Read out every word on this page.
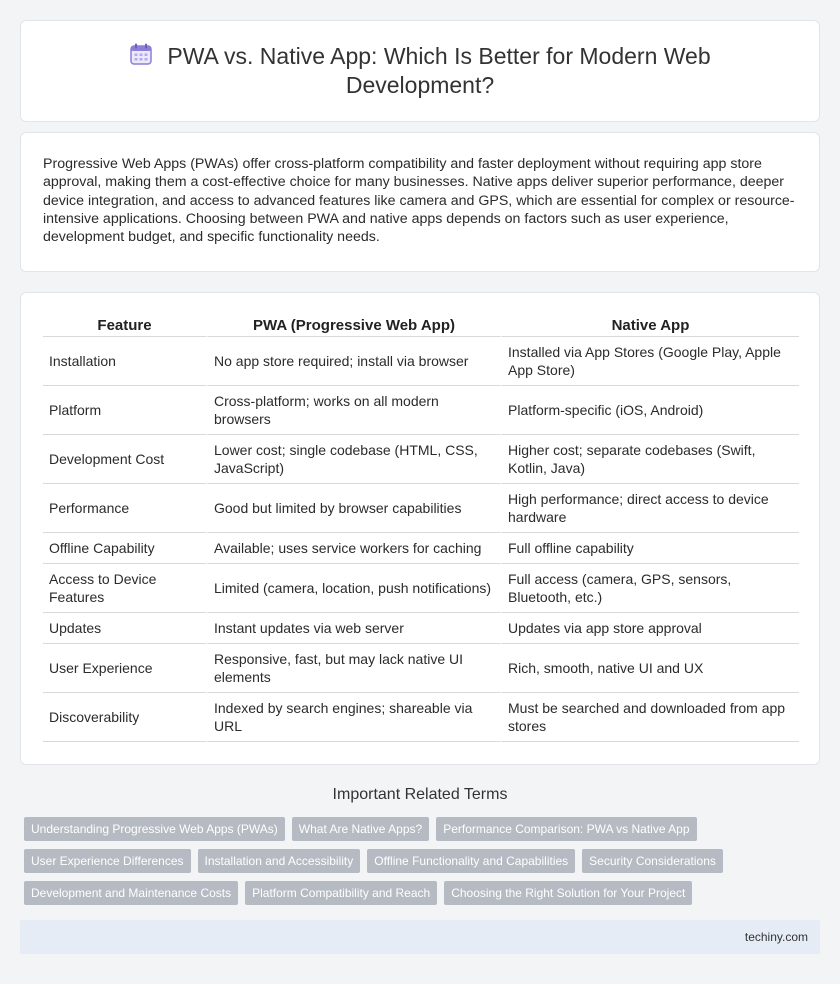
PWA vs. Native App: Which Is Better for Modern Web Development?

Progressive Web Apps (PWAs) offer cross-platform compatibility and faster deployment without requiring app store approval, making them a cost-effective choice for many businesses. Native apps deliver superior performance, deeper device integration, and access to advanced features like camera and GPS, which are essential for complex or resource-intensive applications. Choosing between PWA and native apps depends on factors such as user experience, development budget, and specific functionality needs.

Feature	PWA (Progressive Web App)	Native App
Installation	No app store required; install via browser	Installed via App Stores (Google Play, Apple App Store)
Platform	Cross-platform; works on all modern browsers	Platform-specific (iOS, Android)
Development Cost	Lower cost; single codebase (HTML, CSS, JavaScript)	Higher cost; separate codebases (Swift, Kotlin, Java)
Performance	Good but limited by browser capabilities	High performance; direct access to device hardware
Offline Capability	Available; uses service workers for caching	Full offline capability
Access to Device Features	Limited (camera, location, push notifications)	Full access (camera, GPS, sensors, Bluetooth, etc.)
Updates	Instant updates via web server	Updates via app store approval
User Experience	Responsive, fast, but may lack native UI elements	Rich, smooth, native UI and UX
Discoverability	Indexed by search engines; shareable via URL	Must be searched and downloaded from app stores
Important Related Terms
Understanding Progressive Web Apps (PWAs)	What Are Native Apps?	Performance Comparison: PWA vs Native App
User Experience Differences	Installation and Accessibility	Offline Functionality and Capabilities	Security Considerations
Development and Maintenance Costs	Platform Compatibility and Reach	Choosing the Right Solution for Your Project
techiny.com
